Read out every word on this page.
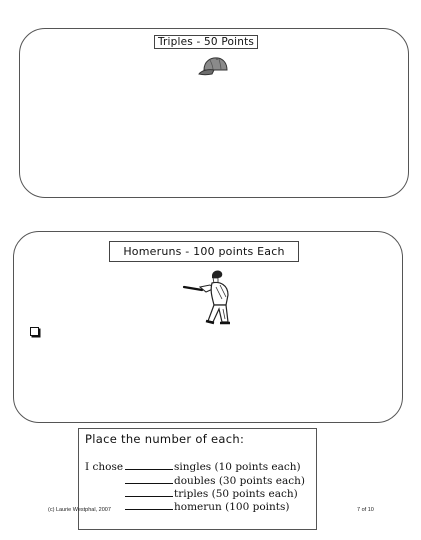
Triples - 50 Points
Homeruns - 100 points Each
Place the number of each:
I chose	singles (10 points each)
doubles (30 points each)
triples (50 points each)
homerun (100 points)
(c) Laurie Westphal, 2007	7 of 10
